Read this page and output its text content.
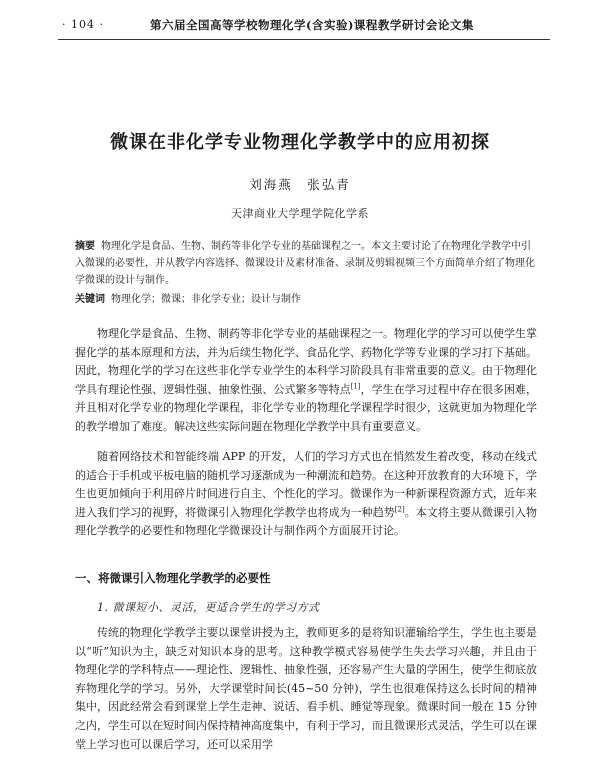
· 104 ·	第六届全国高等学校物理化学(含实验)课程教学研讨会论文集
微课在非化学专业物理化学教学中的应用初探
刘海燕　张弘青
天津商业大学理学院化学系
摘要 物理化学是食品、生物、制药等非化学专业的基础课程之一。本文主要讨论了在物理化学教学中引入微课的必要性，并从教学内容选择、微课设计及素材准备、录制及剪辑视频三个方面简单介绍了物理化学微课的设计与制作。
关键词 物理化学；微课；非化学专业；设计与制作

物理化学是食品、生物、制药等非化学专业的基础课程之一。物理化学的学习可以使学生掌握化学的基本原理和方法，并为后续生物化学、食品化学、药物化学等专业课的学习打下基础。因此，物理化学的学习在这些非化学专业学生的本科学习阶段具有非常重要的意义。由于物理化学具有理论性强、逻辑性强、抽象性强、公式繁多等特点[1]，学生在学习过程中存在很多困难，并且相对化学专业的物理化学课程，非化学专业的物理化学课程学时很少，这就更加为物理化学的教学增加了难度。解决这些实际问题在物理化学教学中具有重要意义。

随着网络技术和智能终端 APP 的开发，人们的学习方式也在悄然发生着改变，移动在线式的适合于手机或平板电脑的随机学习逐渐成为一种潮流和趋势。在这种开放教育的大环境下，学生也更加倾向于利用碎片时间进行自主、个性化的学习。微课作为一种新课程资源方式，近年来进入我们学习的视野，将微课引入物理化学教学也将成为一种趋势[2]。本文将主要从微课引入物理化学教学的必要性和物理化学微课设计与制作两个方面展开讨论。

一、将微课引入物理化学教学的必要性
1. 微课短小、灵活，更适合学生的学习方式

传统的物理化学教学主要以课堂讲授为主，教师更多的是将知识灌输给学生，学生也主要是以“听”知识为主，缺乏对知识本身的思考。这种教学模式容易使学生失去学习兴趣，并且由于物理化学的学科特点——理论性、逻辑性、抽象性强，还容易产生大量的学困生，使学生彻底放弃物理化学的学习。另外，大学课堂时间长(45~50 分钟)，学生也很难保持这么长时间的精神集中，因此经常会看到课堂上学生走神、说话、看手机、睡觉等现象。微课时间一般在 15 分钟之内，学生可以在短时间内保持精神高度集中，有利于学习，而且微课形式灵活，学生可以在课堂上学习也可以课后学习，还可以采用学
